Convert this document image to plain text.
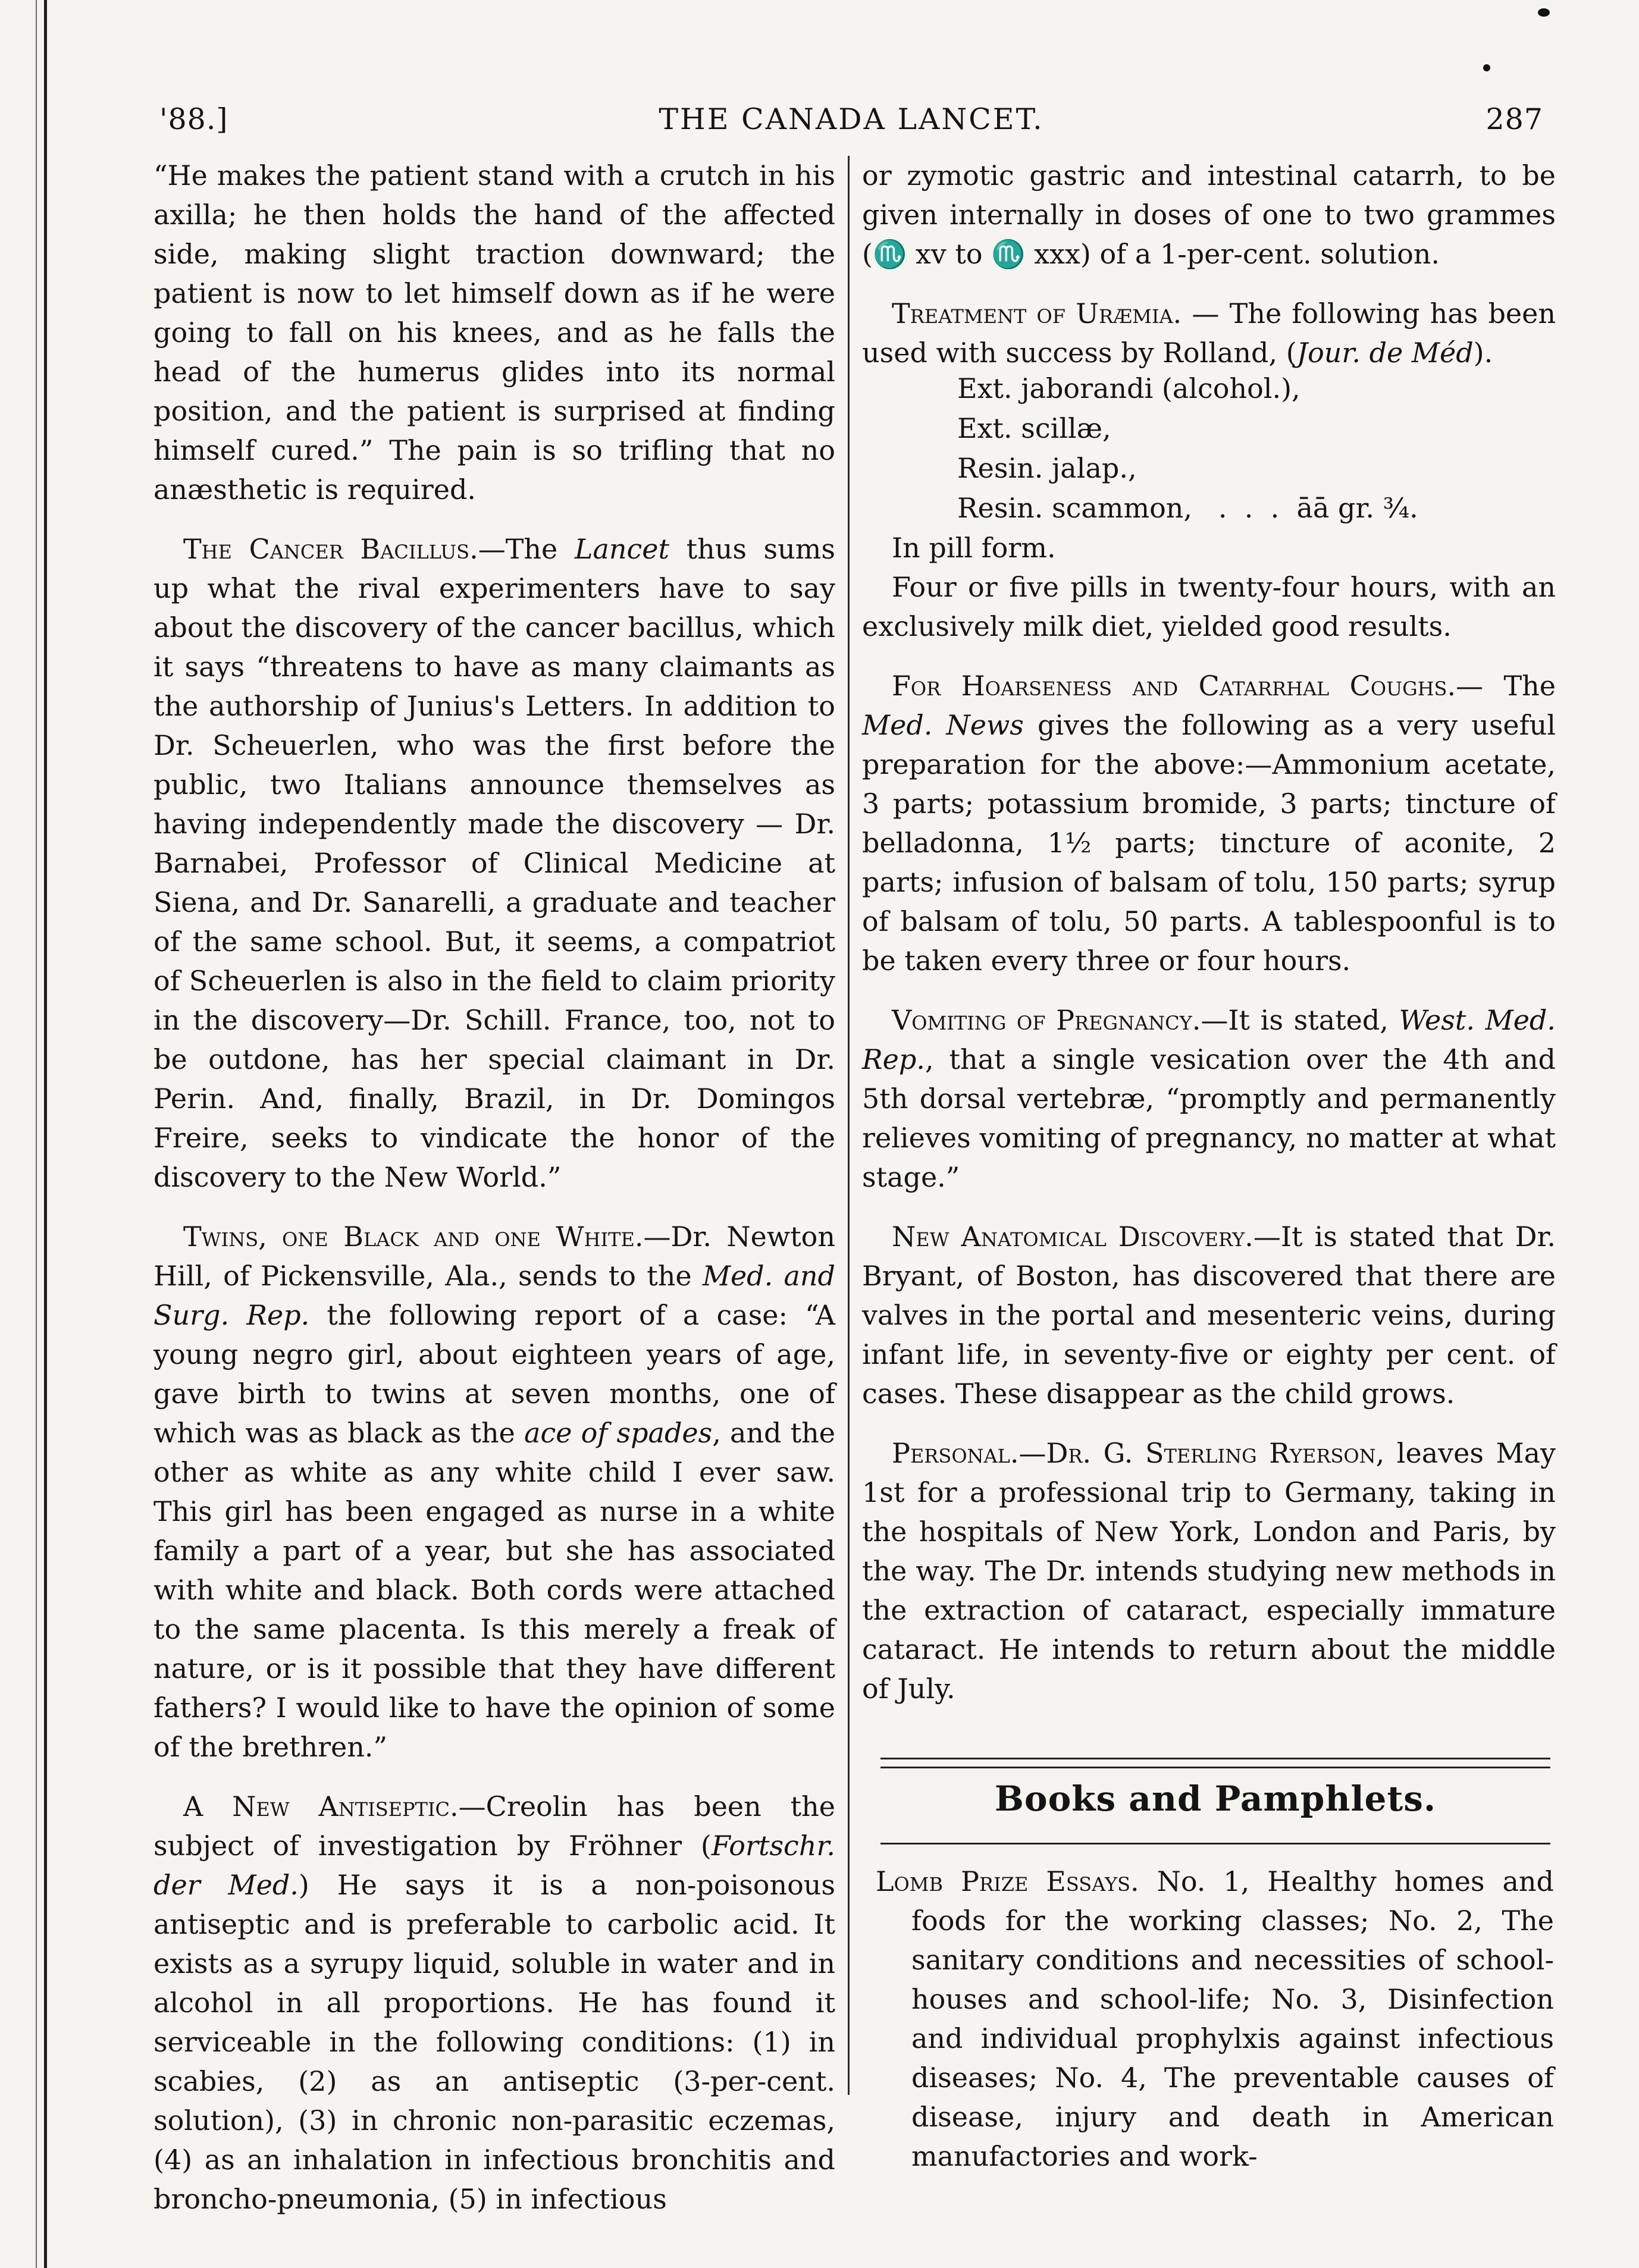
'88.]	THE CANADA LANCET.	287

“He makes the patient stand with a crutch in his axilla; he then holds the hand of the affected side, making slight traction downward; the patient is now to let himself down as if he were going to fall on his knees, and as he falls the head of the humerus glides into its normal position, and the patient is surprised at finding himself cured.” The pain is so trifling that no anæsthetic is required.

The Cancer Bacillus.—The Lancet thus sums up what the rival experimenters have to say about the discovery of the cancer bacillus, which it says “threatens to have as many claimants as the authorship of Junius's Letters. In addition to Dr. Scheuerlen, who was the first before the public, two Italians announce themselves as having independently made the discovery — Dr. Barnabei, Professor of Clinical Medicine at Siena, and Dr. Sanarelli, a graduate and teacher of the same school. But, it seems, a compatriot of Scheuerlen is also in the field to claim priority in the discovery—Dr. Schill. France, too, not to be outdone, has her special claimant in Dr. Perin. And, finally, Brazil, in Dr. Domingos Freire, seeks to vindicate the honor of the discovery to the New World.”

Twins, one Black and one White.—Dr. Newton Hill, of Pickensville, Ala., sends to the Med. and Surg. Rep. the following report of a case: “A young negro girl, about eighteen years of age, gave birth to twins at seven months, one of which was as black as the ace of spades, and the other as white as any white child I ever saw. This girl has been engaged as nurse in a white family a part of a year, but she has associated with white and black. Both cords were attached to the same placenta. Is this merely a freak of nature, or is it possible that they have different fathers? I would like to have the opinion of some of the brethren.”

A New Antiseptic.—Creolin has been the subject of investigation by Fröhner (Fortschr. der Med.) He says it is a non-poisonous antiseptic and is preferable to carbolic acid. It exists as a syrupy liquid, soluble in water and in alcohol in all proportions. He has found it serviceable in the following conditions: (1) in scabies, (2) as an antiseptic (3-per-cent. solution), (3) in chronic non-parasitic eczemas, (4) as an inhalation in infectious bronchitis and broncho-pneumonia, (5) in infectious

or zymotic gastric and intestinal catarrh, to be given internally in doses of one to two grammes (♏ xv to ♏ xxx) of a 1-per-cent. solution.

Treatment of Uræmia. — The following has been used with success by Rolland, (Jour. de Méd).

Ext. jaborandi (alcohol.),
Ext. scillæ,
Resin. jalap.,
Resin. scammon,   .  .  .  āā gr. ¾.
In pill form.

Four or five pills in twenty-four hours, with an exclusively milk diet, yielded good results.

For Hoarseness and Catarrhal Coughs.— The Med. News gives the following as a very useful preparation for the above:—Ammonium acetate, 3 parts; potassium bromide, 3 parts; tincture of belladonna, 1½ parts; tincture of aconite, 2 parts; infusion of balsam of tolu, 150 parts; syrup of balsam of tolu, 50 parts. A tablespoonful is to be taken every three or four hours.

Vomiting of Pregnancy.—It is stated, West. Med. Rep., that a single vesication over the 4th and 5th dorsal vertebræ, “promptly and permanently relieves vomiting of pregnancy, no matter at what stage.”

New Anatomical Discovery.—It is stated that Dr. Bryant, of Boston, has discovered that there are valves in the portal and mesenteric veins, during infant life, in seventy-five or eighty per cent. of cases. These disappear as the child grows.

Personal.—Dr. G. Sterling Ryerson, leaves May 1st for a professional trip to Germany, taking in the hospitals of New York, London and Paris, by the way. The Dr. intends studying new methods in the extraction of cataract, especially immature cataract. He intends to return about the middle of July.

Books and Pamphlets.
Lomb Prize Essays. No. 1, Healthy homes and foods for the working classes; No. 2, The sanitary conditions and necessities of school-houses and school-life; No. 3, Disinfection and individual prophylxis against infectious diseases; No. 4, The preventable causes of disease, injury and death in American manufactories and work-
